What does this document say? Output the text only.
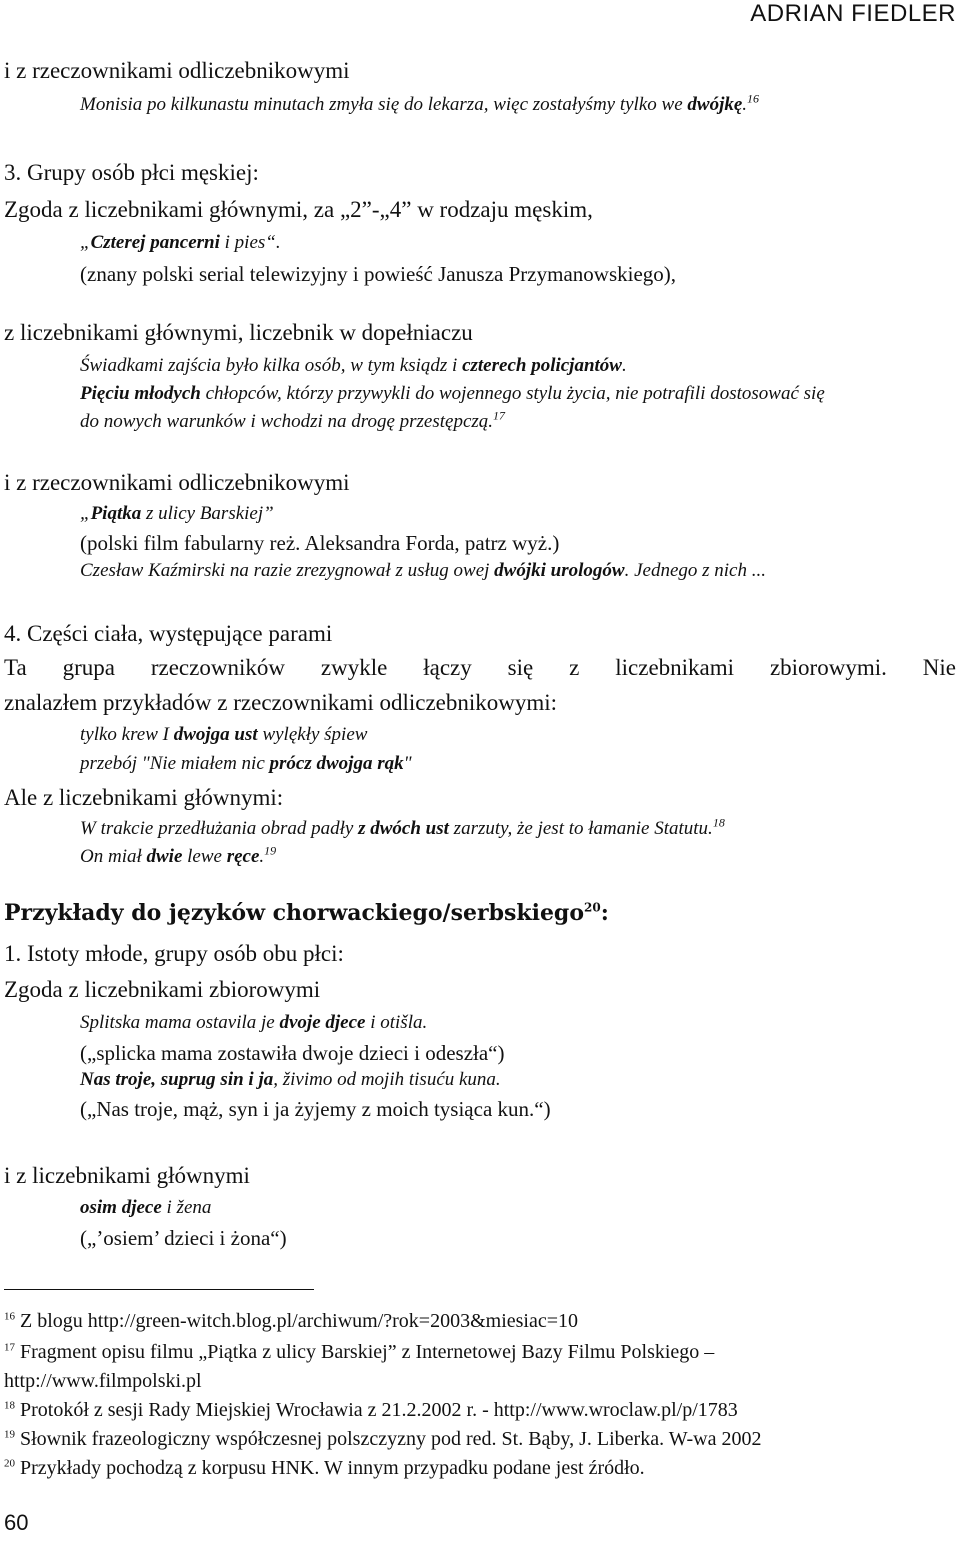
ADRIAN FIEDLER
i z rzeczownikami odliczebnikowymi
Monisia po kilkunastu minutach zmyła się do lekarza, więc zostałyśmy tylko we dwójkę.$^{16}$
3. Grupy osób płci męskiej:
Zgoda z liczebnikami głównymi, za „2”-„4” w rodzaju męskim,
„Czterej pancerni i pies“.
(znany polski serial telewizyjny i powieść Janusza Przymanowskiego),
z liczebnikami głównymi, liczebnik w dopełniaczu
Świadkami zajścia było kilka osób, w tym ksiądz i czterech policjantów.
Pięciu młodych chłopców, którzy przywykli do wojennego stylu życia, nie potrafili dostosować się
do nowych warunków i wchodzi na drogę przestępczą.$^{17}$
i z rzeczownikami odliczebnikowymi
„Piątka z ulicy Barskiej”
(polski film fabularny reż. Aleksandra Forda, patrz wyż.)
Czesław Kaźmirski na razie zrezygnował z usług owej dwójki urologów. Jednego z nich ...
4. Części ciała, występujące parami
Ta grupa rzeczowników zwykle łączy się z liczebnikami zbiorowymi. Nie
znalazłem przykładów z rzeczownikami odliczebnikowymi:
tylko krew I dwojga ust wylękły śpiew
przebój "Nie miałem nic prócz dwojga rąk"
Ale z liczebnikami głównymi:
W trakcie przedłużania obrad padły z dwóch ust zarzuty, że jest to łamanie Statutu.$^{18}$
On miał dwie lewe ręce.$^{19}$
Przykłady do języków chorwackiego/serbskiego$^{20}$:
1. Istoty młode, grupy osób obu płci:
Zgoda z liczebnikami zbiorowymi
Splitska mama ostavila je dvoje djece i otišla.
(„splicka mama zostawiła dwoje dzieci i odeszła“)
Nas troje, suprug sin i ja, živimo od mojih tisuću kuna.
(„Nas troje, mąż, syn i ja żyjemy z moich tysiąca kun.“)
i z liczebnikami głównymi
osim djece i žena
(„’osiem’ dzieci i żona“)
$^{16}$ Z blogu http://green-witch.blog.pl/archiwum/?rok=2003&miesiac=10
$^{17}$ Fragment opisu filmu „Piątka z ulicy Barskiej” z Internetowej Bazy Filmu Polskiego –
http://www.filmpolski.pl
$^{18}$ Protokół z sesji Rady Miejskiej Wrocławia z 21.2.2002 r. - http://www.wroclaw.pl/p/1783
$^{19}$ Słownik frazeologiczny współczesnej polszczyzny pod red. St. Bąby, J. Liberka. W-wa 2002
$^{20}$ Przykłady pochodzą z korpusu HNK. W innym przypadku podane jest źródło.
60
